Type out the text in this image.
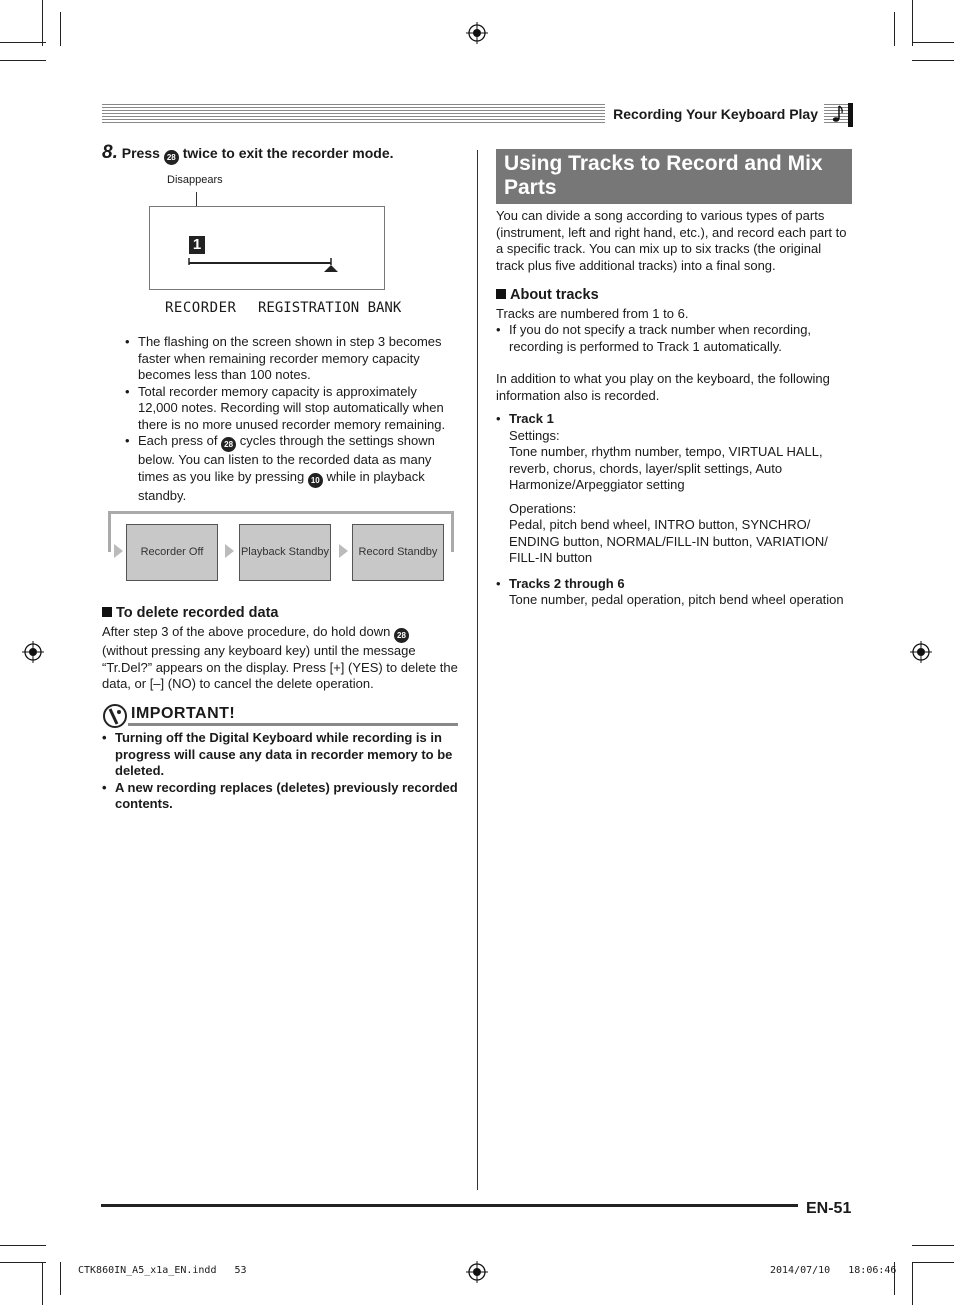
Recording Your Keyboard Play
8. Press 28 twice to exit the recorder mode.
Disappears
1
RECORDER REGISTRATION BANK
• The flashing on the screen shown in step 3 becomes faster when remaining recorder memory capacity becomes less than 100 notes.
• Total recorder memory capacity is approximately 12,000 notes. Recording will stop automatically when there is no more unused recorder memory remaining.
• Each press of 28 cycles through the settings shown below. You can listen to the recorded data as many times as you like by pressing 10 while in playback standby.
Recorder Off	Playback Standby	Record Standby
To delete recorded data
After step 3 of the above procedure, do hold down 28 (without pressing any keyboard key) until the message “Tr.Del?” appears on the display. Press [+] (YES) to delete the data, or [–] (NO) to cancel the delete operation.
IMPORTANT!
• Turning off the Digital Keyboard while recording is in progress will cause any data in recorder memory to be deleted.
• A new recording replaces (deletes) previously recorded contents.
Using Tracks to Record and Mix Parts
You can divide a song according to various types of parts (instrument, left and right hand, etc.), and record each part to a specific track. You can mix up to six tracks (the original track plus five additional tracks) into a final song.
About tracks
Tracks are numbered from 1 to 6.
• If you do not specify a track number when recording, recording is performed to Track 1 automatically.
In addition to what you play on the keyboard, the following information also is recorded.
• Track 1
Settings:
Tone number, rhythm number, tempo, VIRTUAL HALL, reverb, chorus, chords, layer/split settings, Auto Harmonize/Arpeggiator setting
Operations:
Pedal, pitch bend wheel, INTRO button, SYNCHRO/ ENDING button, NORMAL/FILL-IN button, VARIATION/ FILL-IN button
• Tracks 2 through 6
Tone number, pedal operation, pitch bend wheel operation
EN-51
CTK860IN_A5_x1a_EN.indd   53	2014/07/10   18:06:46
